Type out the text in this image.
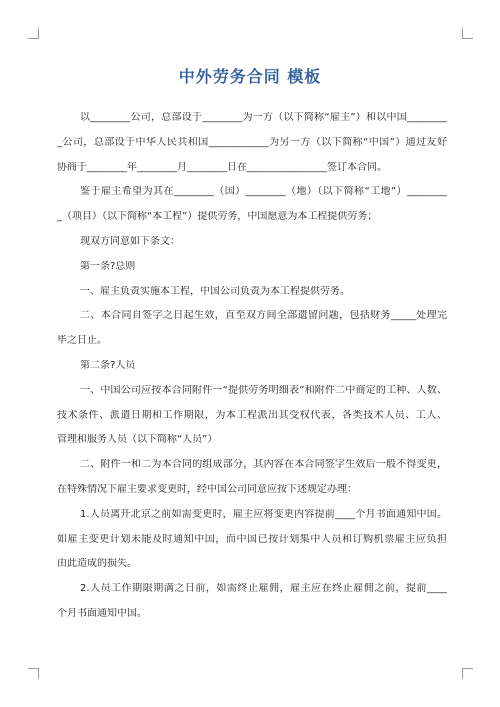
中外劳务合同 模板
以________公司，总部设于________为一方（以下简称“雇主”）和以中国________
_公司，总部设于中华人民共和国____________为另一方（以下简称“中国”）通过友好
协商于________年________月________日在________________签订本合同。
鉴于雇主希望为其在________（国）________（地）（以下简称“工地”）________
_（项目）（以下简称“本工程”）提供劳务，中国愿意为本工程提供劳务；
现双方同意如下条文：
第一条?总则
一、雇主负责实施本工程，中国公司负责为本工程提供劳务。
二、本合同自签字之日起生效，直至双方间全部遗留问题，包括财务_____处理完
毕之日止。
第二条?人员
一、中国公司应按本合同附件一“提供劳务明细表”和附件二中商定的工种、人数、
技术条件、派遣日期和工作期限，为本工程派出其受权代表，各类技术人员、工人、
管理和服务人员（以下简称“人员”）
二、附件一和二为本合同的组成部分，其内容在本合同签字生效后一般不得变更，
在特殊情况下雇主要求变更时，经中国公司同意应按下述规定办理：
1.人员离开北京之前如需变更时，雇主应将变更内容提前____个月书面通知中国。
如雇主变更计划未能及时通知中国，而中国已按计划集中人员和订购机票雇主应负担
由此造成的损失。
2.人员工作期限期满之日前，如需终止雇佣，雇主应在终止雇佣之前，提前____
个月书面通知中国。
